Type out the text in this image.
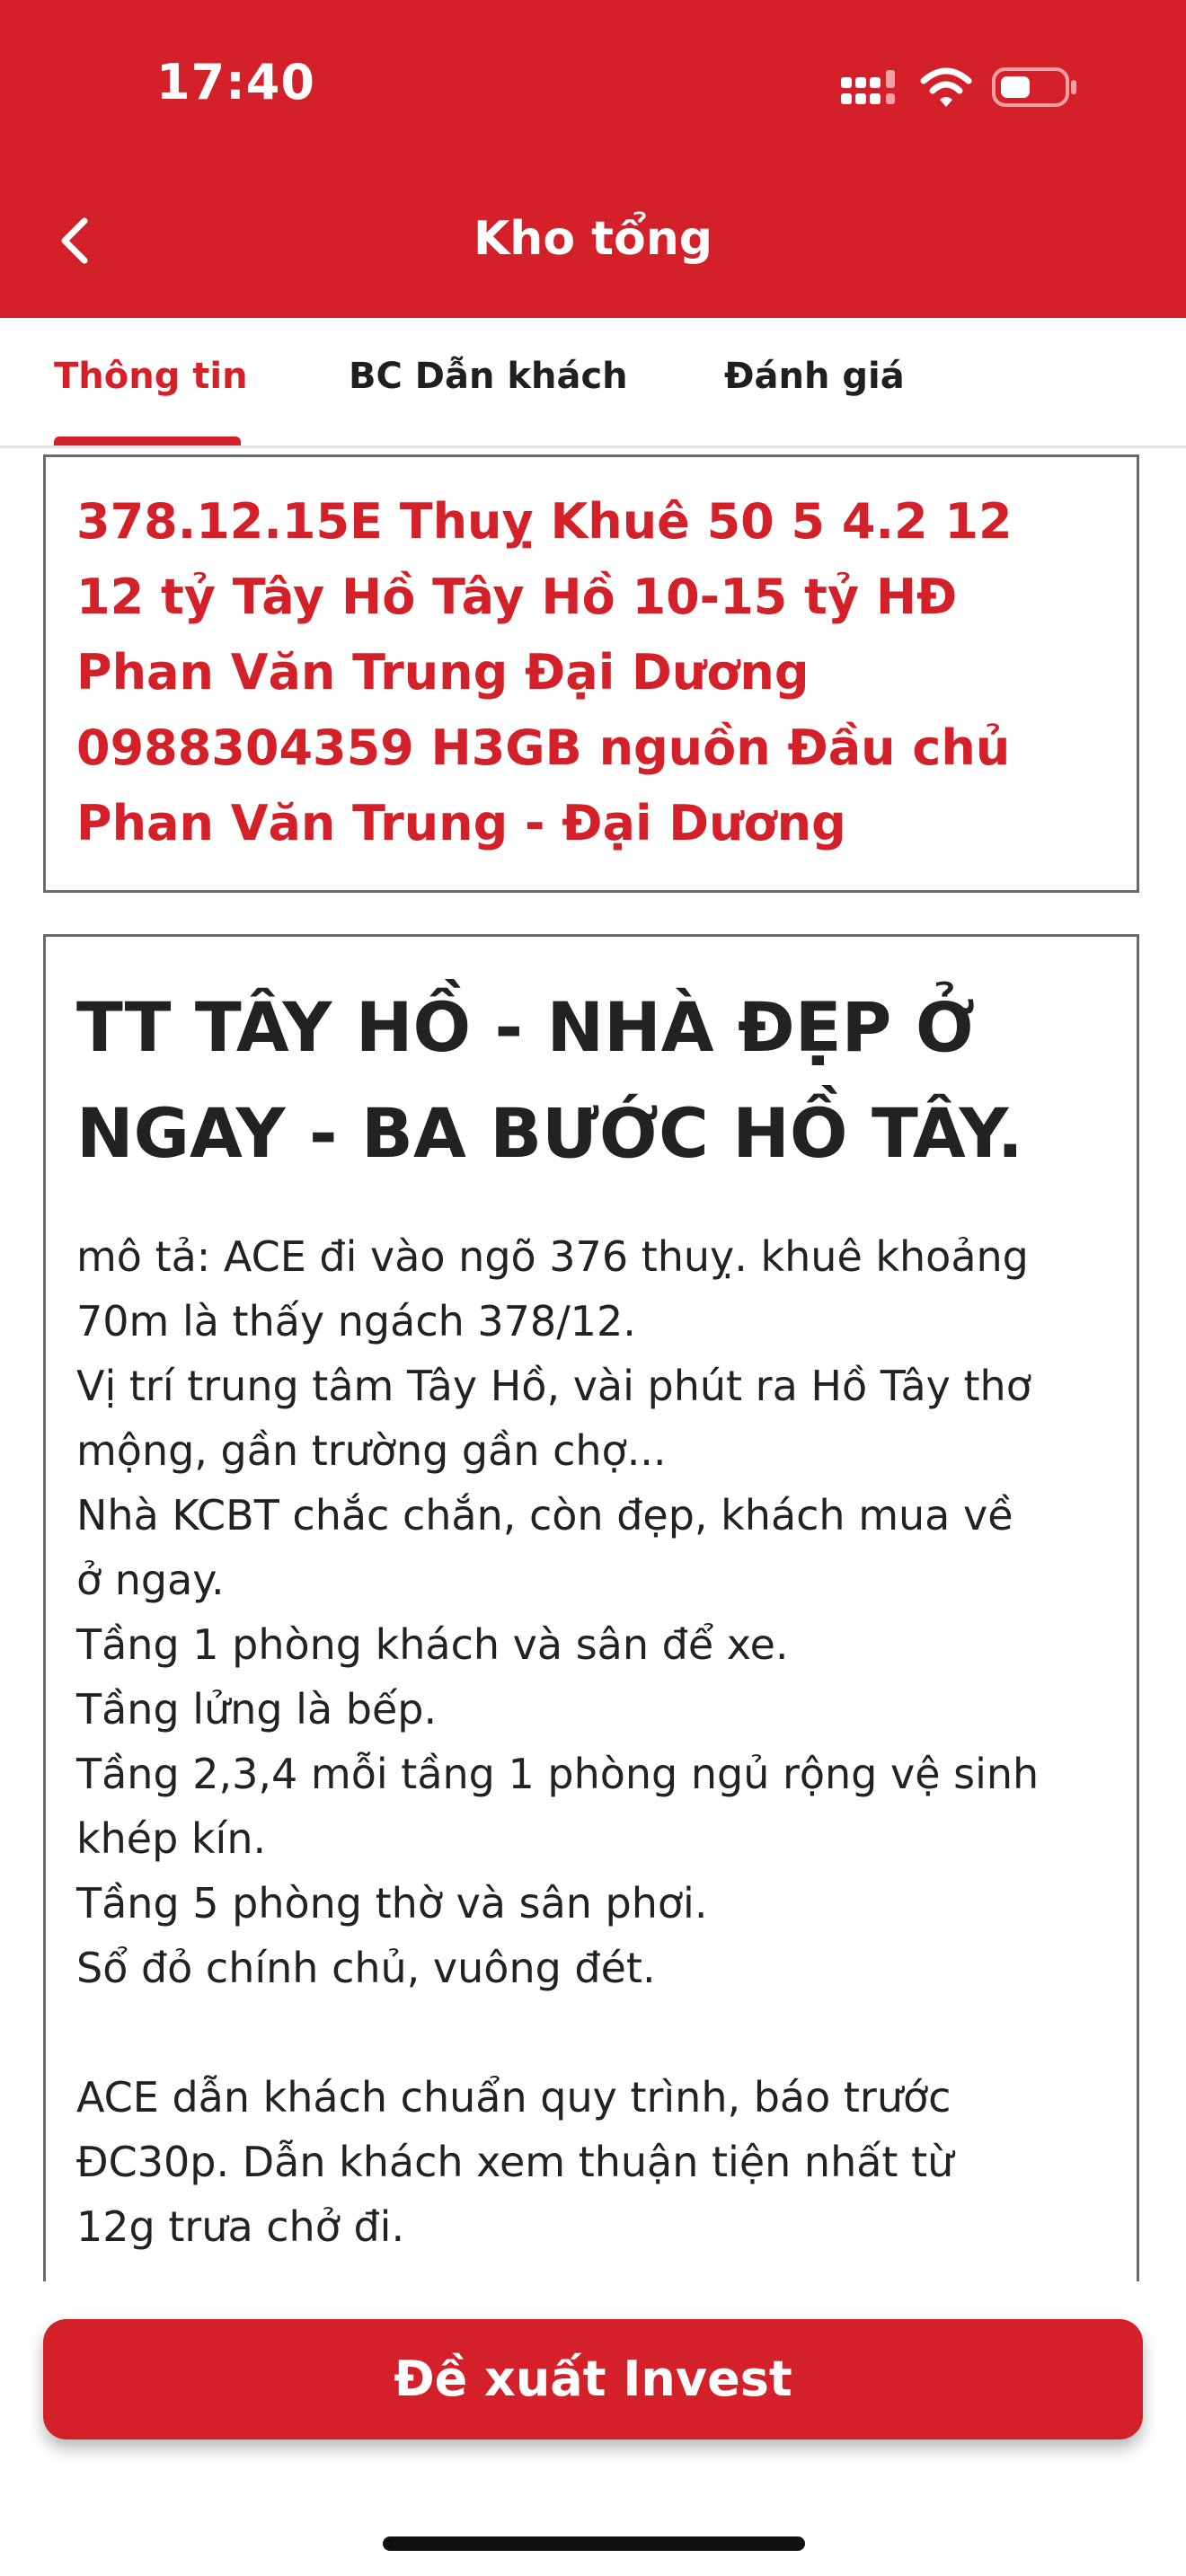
17:40
Kho tổng
Thông tin	BC Dẫn khách	Đánh giá

378.12.15E Thuỵ Khuê 50 5 4.2 12

12 tỷ Tây Hồ Tây Hồ 10-15 tỷ HĐ

Phan Văn Trung Đại Dương

0988304359 H3GB nguồn Đầu chủ

Phan Văn Trung - Đại Dương

TT TÂY HỒ - NHÀ ĐẸP Ở
NGAY - BA BƯỚC HỒ TÂY.

mô tả: ACE đi vào ngõ 376 thuỵ. khuê khoảng

70m là thấy ngách 378/12.

Vị trí trung tâm Tây Hồ, vài phút ra Hồ Tây thơ

mộng, gần trường gần chợ...

Nhà KCBT chắc chắn, còn đẹp, khách mua về

ở ngay.

Tầng 1 phòng khách và sân để xe.

Tầng lửng là bếp.

Tầng 2,3,4 mỗi tầng 1 phòng ngủ rộng vệ sinh

khép kín.

Tầng 5 phòng thờ và sân phơi.

Sổ đỏ chính chủ, vuông đét.

ACE dẫn khách chuẩn quy trình, báo trước

ĐC30p. Dẫn khách xem thuận tiện nhất từ

12g trưa chở đi.

Đề xuất Invest
